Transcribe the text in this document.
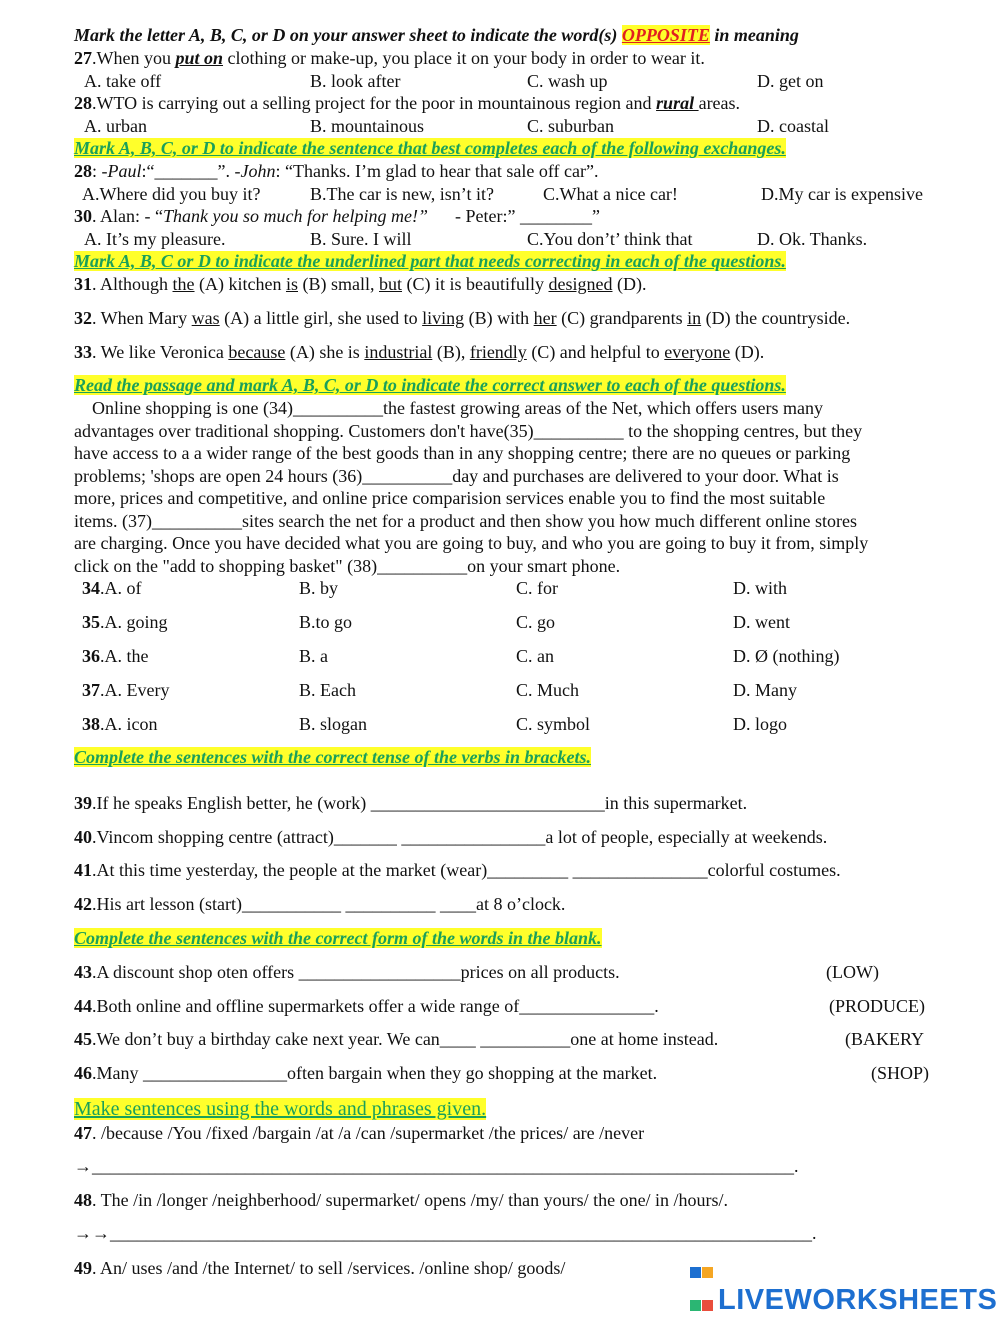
Mark the letter A, B, C, or D on your answer sheet to indicate the word(s) OPPOSITE in meaning
27.When you put on clothing or make-up, you place it on your body in order to wear it.
A. take off	B. look after	C. wash up	D. get on
28.WTO is carrying out a selling project for the poor in mountainous region and rural areas.
A. urban	B. mountainous	C. suburban	D. coastal
Mark A, B, C, or D to indicate the sentence that best completes each of the following exchanges.
28: -Paul:“_______”. -John: “Thanks. I’m glad to hear that sale off car”.
A.Where did you buy it?	B.The car is new, isn’t it?	C.What a nice car!	D.My car is expensive
30. Alan: - “Thank you so much for helping me!”      - Peter:” ________”
A. It’s my pleasure.	B. Sure. I will	C.You don’t’ think that	D. Ok. Thanks.
Mark A, B, C or D to indicate the underlined part that needs correcting in each of the questions.
31. Although the (A) kitchen is (B) small, but (C) it is beautifully designed (D).
32. When Mary was (A) a little girl, she used to living (B) with her (C) grandparents in (D) the countryside.
33. We like Veronica because (A) she is industrial (B), friendly (C) and helpful to everyone (D).
Read the passage and mark A, B, C, or D to indicate the correct answer to each of the questions.
Online shopping is one (34)__________the fastest growing areas of the Net, which offers users many
advantages over traditional shopping. Customers don't have(35)__________ to the shopping centres, but they
have access to a a wider range of the best goods than in any shopping centre; there are no queues or parking
problems; 'shops are open 24 hours (36)__________day and purchases are delivered to your door. What is
more, prices and competitive, and online price comparision services enable you to find the most suitable
items. (37)__________sites search the net for a product and then show you how much different online stores
are charging. Once you have decided what you are going to buy, and who you are going to buy it from, simply
click on the "add to shopping basket" (38)__________on your smart phone.
34.A. of	B. by	C. for	D. with
35.A. going	B.to go	C. go	D. went
36.A. the	B. a	C. an	D. Ø (nothing)
37.A. Every	B. Each	C. Much	D. Many
38.A. icon	B. slogan	C. symbol	D. logo
Complete the sentences with the correct tense of the verbs in brackets.
39.If he speaks English better, he (work) __________________________in this supermarket.
40.Vincom shopping centre (attract)_______ ________________a lot of people, especially at weekends.
41.At this time yesterday, the people at the market (wear)_________ _______________colorful costumes.
42.His art lesson (start)___________ __________ ____at 8 o’clock.
Complete the sentences with the correct form of the words in the blank.
43.A discount shop oten offers __________________prices on all products.	(LOW)
44.Both online and offline supermarkets offer a wide range of_______________.	(PRODUCE)
45.We don’t buy a birthday cake next year. We can____ __________one at home instead.	(BAKERY
46.Many ________________often bargain when they go shopping at the market.	(SHOP)
Make sentences using the words and phrases given.
47. /because /You /fixed /bargain /at /a /can /supermarket /the prices/ are /never
→______________________________________________________________________________.
48. The /in /longer /neighberhood/ supermarket/ opens /my/ than yours/ the one/ in /hours/.
→→______________________________________________________________________________.
49. An/ uses /and /the Internet/ to sell /services. /online shop/ goods/
LIVEWORKSHEETS
